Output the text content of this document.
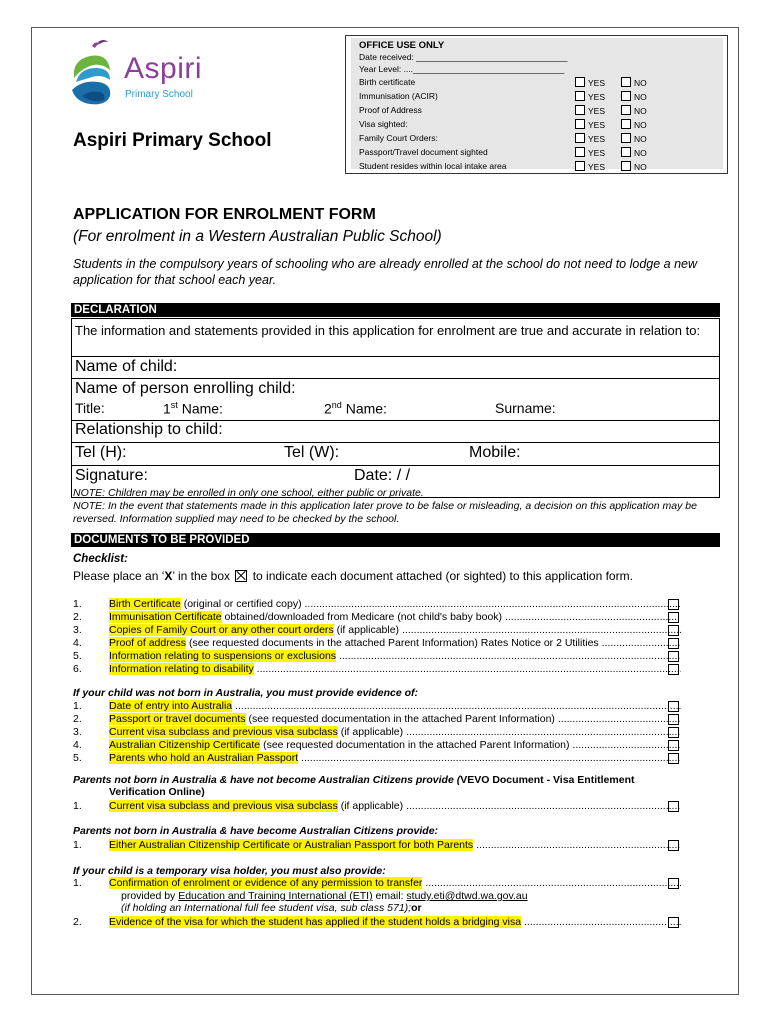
Aspiri
Primary School
Aspiri Primary School
OFFICE USE ONLY
Date received: ________________________________
Year Level: ....________________________________
Birth certificate	YES	NO
Immunisation (ACIR)	YES	NO
Proof of Address	YES	NO
Visa sighted:	YES	NO
Family Court Orders:	YES	NO
Passport/Travel document sighted	YES	NO
Student resides within local intake area	YES	NO
APPLICATION FOR ENROLMENT FORM
(For enrolment in a Western Australian Public School)
Students in the compulsory years of schooling who are already enrolled at the school do not need to lodge a new application for that school each year.
DECLARATION
The information and statements provided in this application for enrolment are true and accurate in relation to:
Name of child:
Name of person enrolling child:
Title:	1st Name:	2nd Name:	Surname:
Relationship to child:
Tel (H):	Tel (W):	Mobile:
Signature:	Date: / /
NOTE: Children may be enrolled in only one school, either public or private.
NOTE: In the event that statements made in this application later prove to be false or misleading, a decision on this application may be reversed. Information supplied may need to be checked by the school.
DOCUMENTS TO BE PROVIDED
Checklist:
Please place an ‘X’ in the box ☒ to indicate each document attached (or sighted) to this application form.
1.	Birth Certificate (original or certified copy) .....
2.	Immunisation Certificate obtained/downloaded from Medicare (not child's baby book) .....
3.	Copies of Family Court or any other court orders (if applicable) .....
4.	Proof of address (see requested documents in the attached Parent Information) Rates Notice or 2 Utilities .....
5.	Information relating to suspensions or exclusions .....
6.	Information relating to disability .....
If your child was not born in Australia, you must provide evidence of:
1.	Date of entry into Australia .....
2.	Passport or travel documents (see requested documentation in the attached Parent Information) .....
3.	Current visa subclass and previous visa subclass (if applicable) .....
4.	Australian Citizenship Certificate (see requested documentation in the attached Parent Information) .....
5.	Parents who hold an Australian Passport .....
Parents not born in Australia & have not become Australian Citizens provide (VEVO Document - Visa Entitlement
Verification Online)
1.	Current visa subclass and previous visa subclass (if applicable) .....
Parents not born in Australia & have become Australian Citizens provide:
1.	Either Australian Citizenship Certificate or Australian Passport for both Parents .....
If your child is a temporary visa holder, you must also provide:
1.	Confirmation of enrolment or evidence of any permission to transfer .....
provided by Education and Training International (ETI) email: study.eti@dtwd.wa.gov.au
(if holding an International full fee student visa, sub class 571);or
2.	Evidence of the visa for which the student has applied if the student holds a bridging visa .....
